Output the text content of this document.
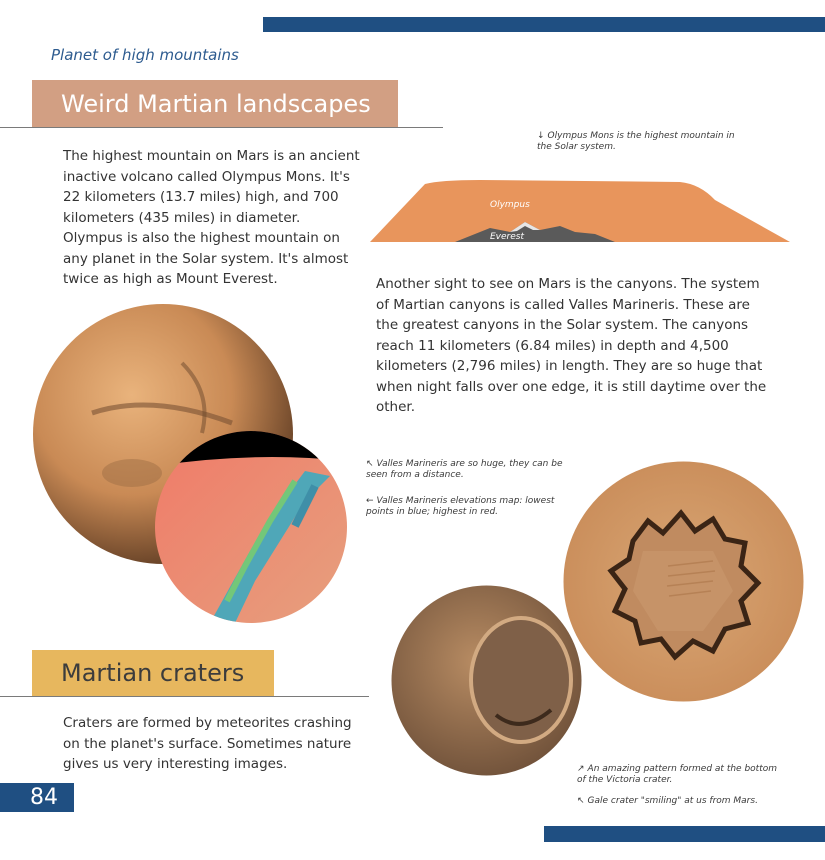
Planet of high mountains
Weird Martian landscapes
The highest mountain on Mars is an ancient inactive volcano called Olympus Mons. It's 22 kilometers (13.7 miles) high, and 700 kilometers (435 miles) in diameter. Olympus is also the highest mountain on any planet in the Solar system. It's almost twice as high as Mount Everest.
↓ Olympus Mons is the highest mountain in the Solar system.
Olympus
Everest
Another sight to see on Mars is the canyons. The system of Martian canyons is called Valles Marineris. These are the greatest canyons in the Solar system. The canyons reach 11 kilometers (6.84 miles) in depth and 4,500 kilometers (2,796 miles) in length. They are so huge that when night falls over one edge, it is still daytime over the other.
↖ Valles Marineris are so huge, they can be seen from a distance.
← Valles Marineris elevations map: lowest points in blue; highest in red.
↗ An amazing pattern formed at the bottom of the Victoria crater.
↖ Gale crater "smiling" at us from Mars.
Martian craters
Craters are formed by meteorites crashing on the planet's surface. Sometimes nature gives us very interesting images.
84
